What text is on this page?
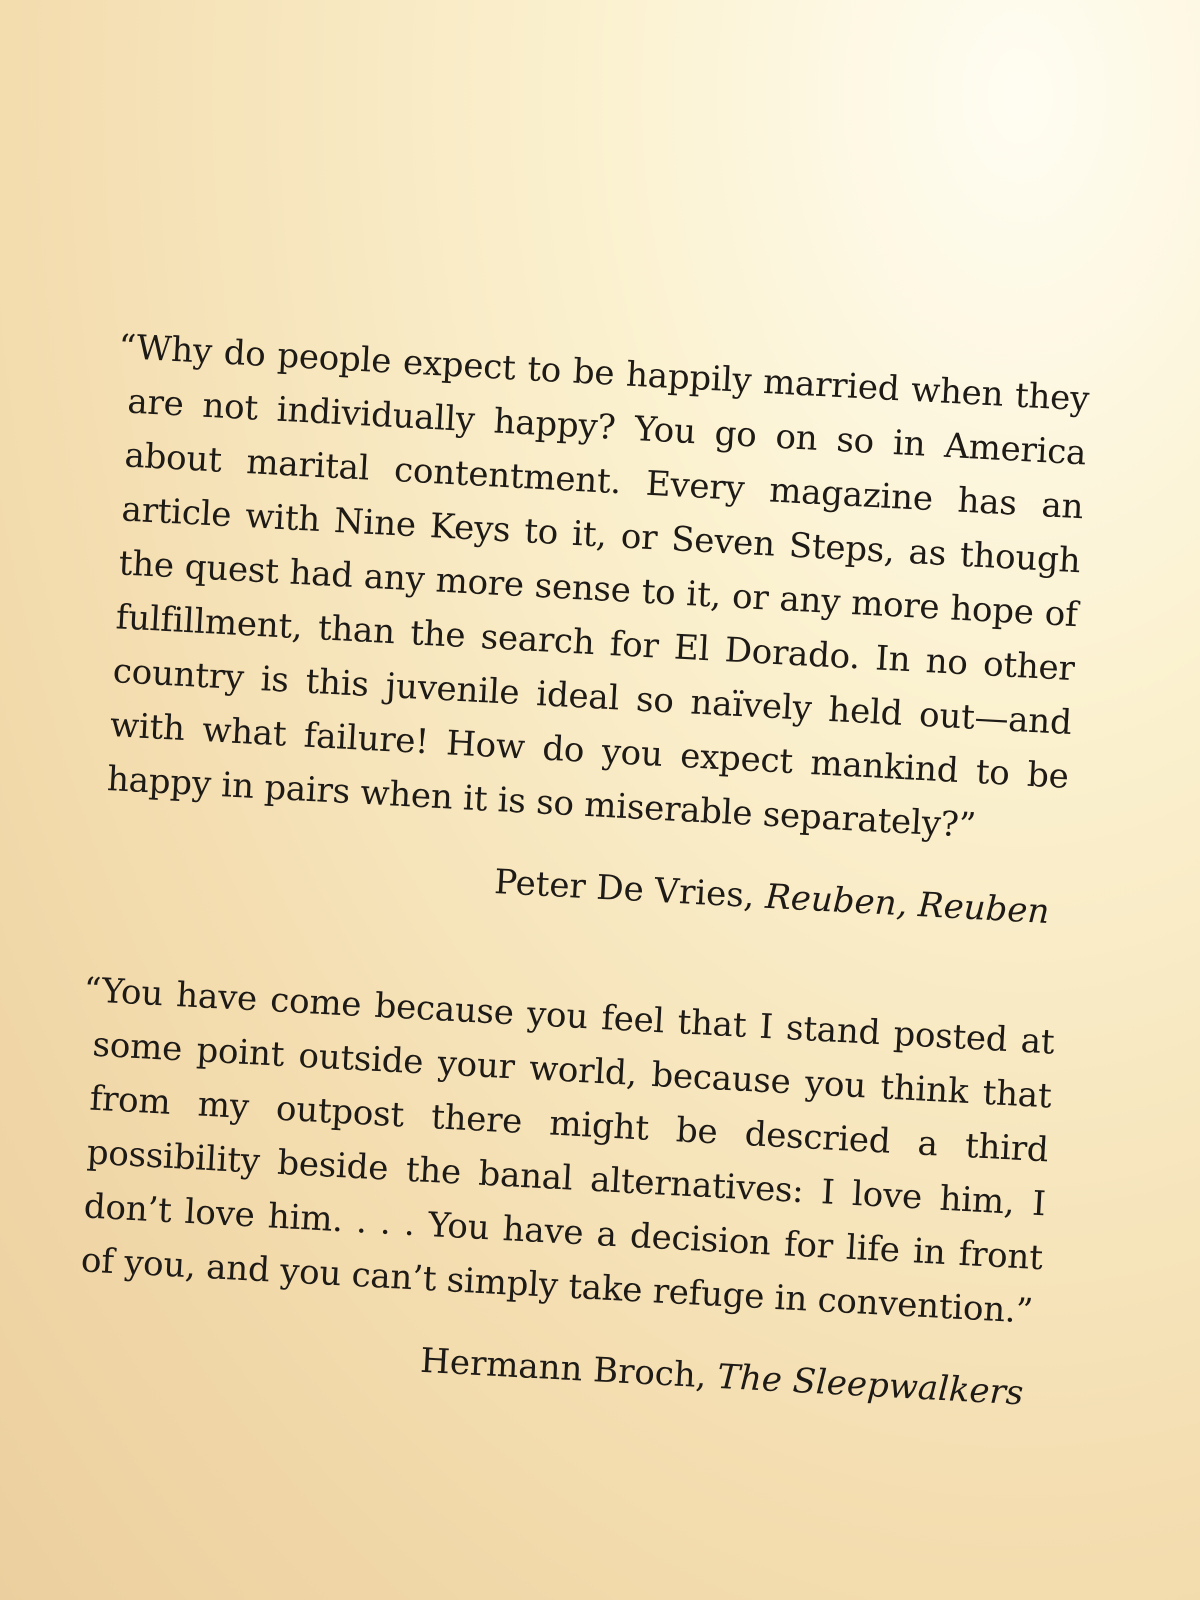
“Why do people expect to be happily married when they are not individually happy? You go on so in America about marital contentment. Every magazine has an article with Nine Keys to it, or Seven Steps, as though the quest had any more sense to it, or any more hope of fulfillment, than the search for El Dorado. In no other country is this juvenile ideal so naïvely held out—and with what failure! How do you expect mankind to be happy in pairs when it is so miserable separately?”

Peter De Vries, Reuben, Reuben

“You have come because you feel that I stand posted at some point outside your world, because you think that from my outpost there might be descried a third possibility beside the banal alternatives: I love him, I don’t love him. . . . You have a decision for life in front of you, and you can’t simply take refuge in convention.”

Hermann Broch, The Sleepwalkers
